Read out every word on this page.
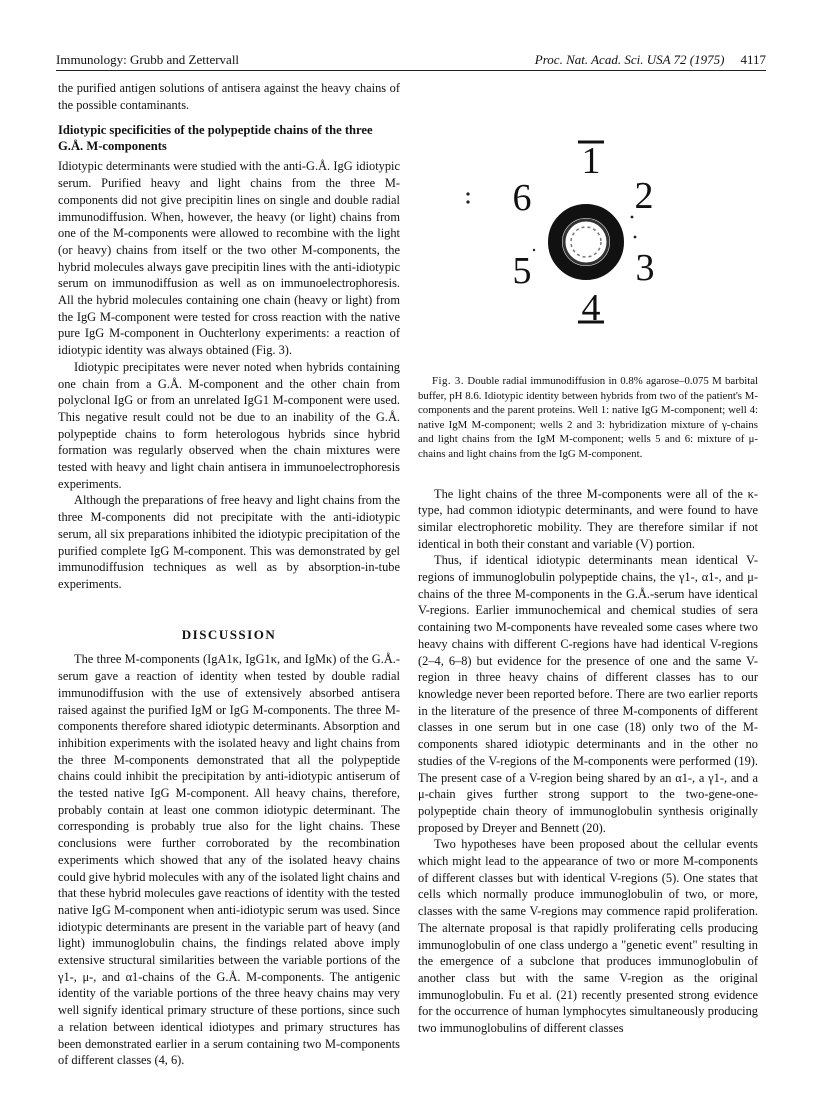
Immunology: Grubb and Zettervall	Proc. Nat. Acad. Sci. USA 72 (1975) 4117

the purified antigen solutions of antisera against the heavy chains of the possible contaminants.

Idiotypic specificities of the polypeptide chains of the three G.Å. M-components

Idiotypic determinants were studied with the anti-G.Å. IgG idiotypic serum. Purified heavy and light chains from the three M-components did not give precipitin lines on single and double radial immunodiffusion. When, however, the heavy (or light) chains from one of the M-components were allowed to recombine with the light (or heavy) chains from itself or the two other M-components, the hybrid molecules always gave precipitin lines with the anti-idiotypic serum on immunodiffusion as well as on immunoelectrophoresis. All the hybrid molecules containing one chain (heavy or light) from the IgG M-component were tested for cross reaction with the native pure IgG M-component in Ouchterlony experiments: a reaction of idiotypic identity was always obtained (Fig. 3).

Idiotypic precipitates were never noted when hybrids containing one chain from a G.Å. M-component and the other chain from polyclonal IgG or from an unrelated IgG1 M-component were used. This negative result could not be due to an inability of the G.Å. polypeptide chains to form heterologous hybrids since hybrid formation was regularly observed when the chain mixtures were tested with heavy and light chain antisera in immunoelectrophoresis experiments.

Although the preparations of free heavy and light chains from the three M-components did not precipitate with the anti-idiotypic serum, all six preparations inhibited the idiotypic precipitation of the purified complete IgG M-component. This was demonstrated by gel immunodiffusion techniques as well as by absorption-in-tube experiments.

DISCUSSION

The three M-components (IgA1κ, IgG1κ, and IgMκ) of the G.Å.-serum gave a reaction of identity when tested by double radial immunodiffusion with the use of extensively absorbed antisera raised against the purified IgM or IgG M-components. The three M-components therefore shared idiotypic determinants. Absorption and inhibition experiments with the isolated heavy and light chains from the three M-components demonstrated that all the polypeptide chains could inhibit the precipitation by anti-idiotypic antiserum of the tested native IgG M-component. All heavy chains, therefore, probably contain at least one common idiotypic determinant. The corresponding is probably true also for the light chains. These conclusions were further corroborated by the recombination experiments which showed that any of the isolated heavy chains could give hybrid molecules with any of the isolated light chains and that these hybrid molecules gave reactions of identity with the tested native IgG M-component when anti-idiotypic serum was used. Since idiotypic determinants are present in the variable part of heavy (and light) immunoglobulin chains, the findings related above imply extensive structural similarities between the variable portions of the γ1-, μ-, and α1-chains of the G.Å. M-components. The antigenic identity of the variable portions of the three heavy chains may very well signify identical primary structure of these portions, since such a relation between identical idiotypes and primary structures has been demonstrated earlier in a serum containing two M-components of different classes (4, 6).

1
2
3
4
5
6

Fig. 3. Double radial immunodiffusion in 0.8% agarose–0.075 M barbital buffer, pH 8.6. Idiotypic identity between hybrids from two of the patient's M-components and the parent proteins. Well 1: native IgG M-component; well 4: native IgM M-component; wells 2 and 3: hybridization mixture of γ-chains and light chains from the IgM M-component; wells 5 and 6: mixture of μ-chains and light chains from the IgG M-component.

The light chains of the three M-components were all of the κ-type, had common idiotypic determinants, and were found to have similar electrophoretic mobility. They are therefore similar if not identical in both their constant and variable (V) portion.

Thus, if identical idiotypic determinants mean identical V-regions of immunoglobulin polypeptide chains, the γ1-, α1-, and μ-chains of the three M-components in the G.Å.-serum have identical V-regions. Earlier immunochemical and chemical studies of sera containing two M-components have revealed some cases where two heavy chains with different C-regions have had identical V-regions (2–4, 6–8) but evidence for the presence of one and the same V-region in three heavy chains of different classes has to our knowledge never been reported before. There are two earlier reports in the literature of the presence of three M-components of different classes in one serum but in one case (18) only two of the M-components shared idiotypic determinants and in the other no studies of the V-regions of the M-components were performed (19). The present case of a V-region being shared by an α1-, a γ1-, and a μ-chain gives further strong support to the two-gene-one-polypeptide chain theory of immunoglobulin synthesis originally proposed by Dreyer and Bennett (20).

Two hypotheses have been proposed about the cellular events which might lead to the appearance of two or more M-components of different classes but with identical V-regions (5). One states that cells which normally produce immunoglobulin of two, or more, classes with the same V-regions may commence rapid proliferation. The alternate proposal is that rapidly proliferating cells producing immunoglobulin of one class undergo a "genetic event" resulting in the emergence of a subclone that produces immunoglobulin of another class but with the same V-region as the original immunoglobulin. Fu et al. (21) recently presented strong evidence for the occurrence of human lymphocytes simultaneously producing two immunoglobulins of different classes
